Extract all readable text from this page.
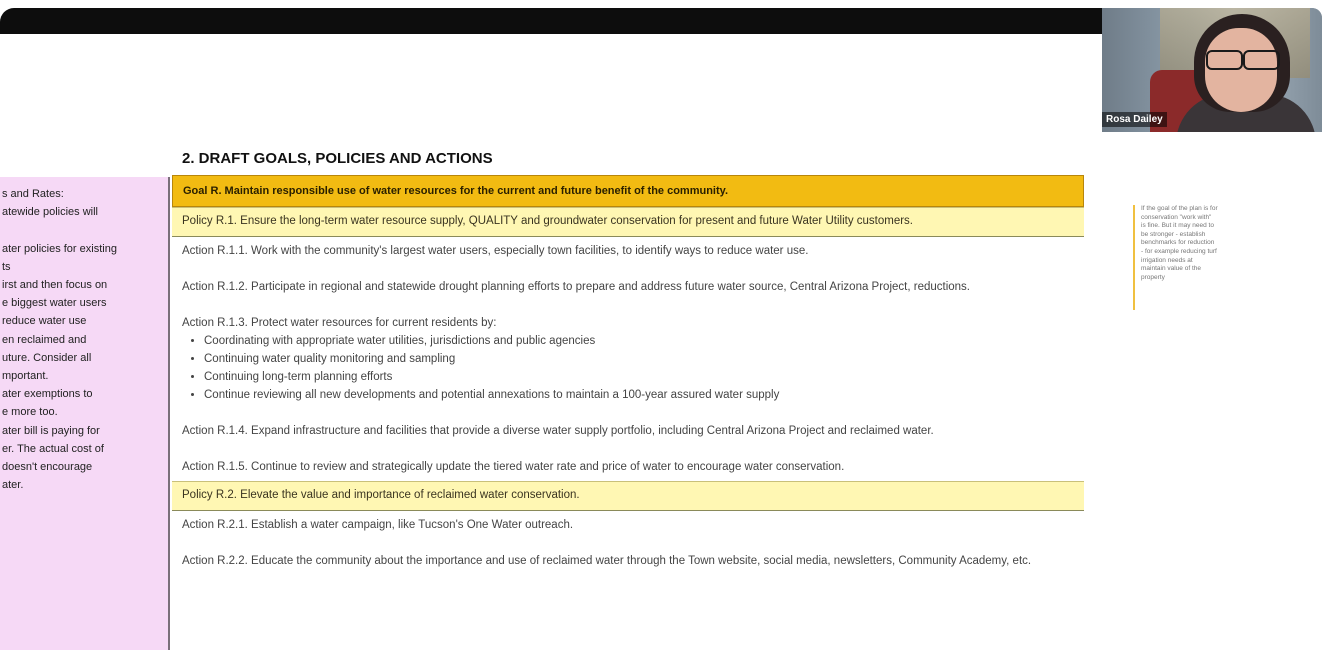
Rosa Dailey
2. DRAFT GOALS, POLICIES AND ACTIONS
s and Rates:
atewide policies will

ater policies for existing
ts
irst and then focus on
e biggest water users
reduce water use
en reclaimed and
uture. Consider all
mportant.
ater exemptions to
e more too.
ater bill is paying for
er. The actual cost of
doesn't encourage
ater.
Goal R. Maintain responsible use of water resources for the current and future benefit of the community.
Policy R.1. Ensure the long-term water resource supply, QUALITY and groundwater conservation for present and future Water Utility customers.

Action R.1.1. Work with the community's largest water users, especially town facilities, to identify ways to reduce water use.

Action R.1.2. Participate in regional and statewide drought planning efforts to prepare and address future water source, Central Arizona Project, reductions.

Action R.1.3. Protect water resources for current residents by:

• Coordinating with appropriate water utilities, jurisdictions and public agencies
• Continuing water quality monitoring and sampling
• Continuing long-term planning efforts
• Continue reviewing all new developments and potential annexations to maintain a 100-year assured water supply

Action R.1.4. Expand infrastructure and facilities that provide a diverse water supply portfolio, including Central Arizona Project and reclaimed water.

Action R.1.5. Continue to review and strategically update the tiered water rate and price of water to encourage water conservation.

Policy R.2. Elevate the value and importance of reclaimed water conservation.

Action R.2.1. Establish a water campaign, like Tucson's One Water outreach.

Action R.2.2. Educate the community about the importance and use of reclaimed water through the Town website, social media, newsletters, Community Academy, etc.

If the goal of the plan is for
conservation "work with"
is fine. But it may need to
be stronger - establish
benchmarks for reduction
- for example reducing turf
irrigation needs at
maintain value of the
property
